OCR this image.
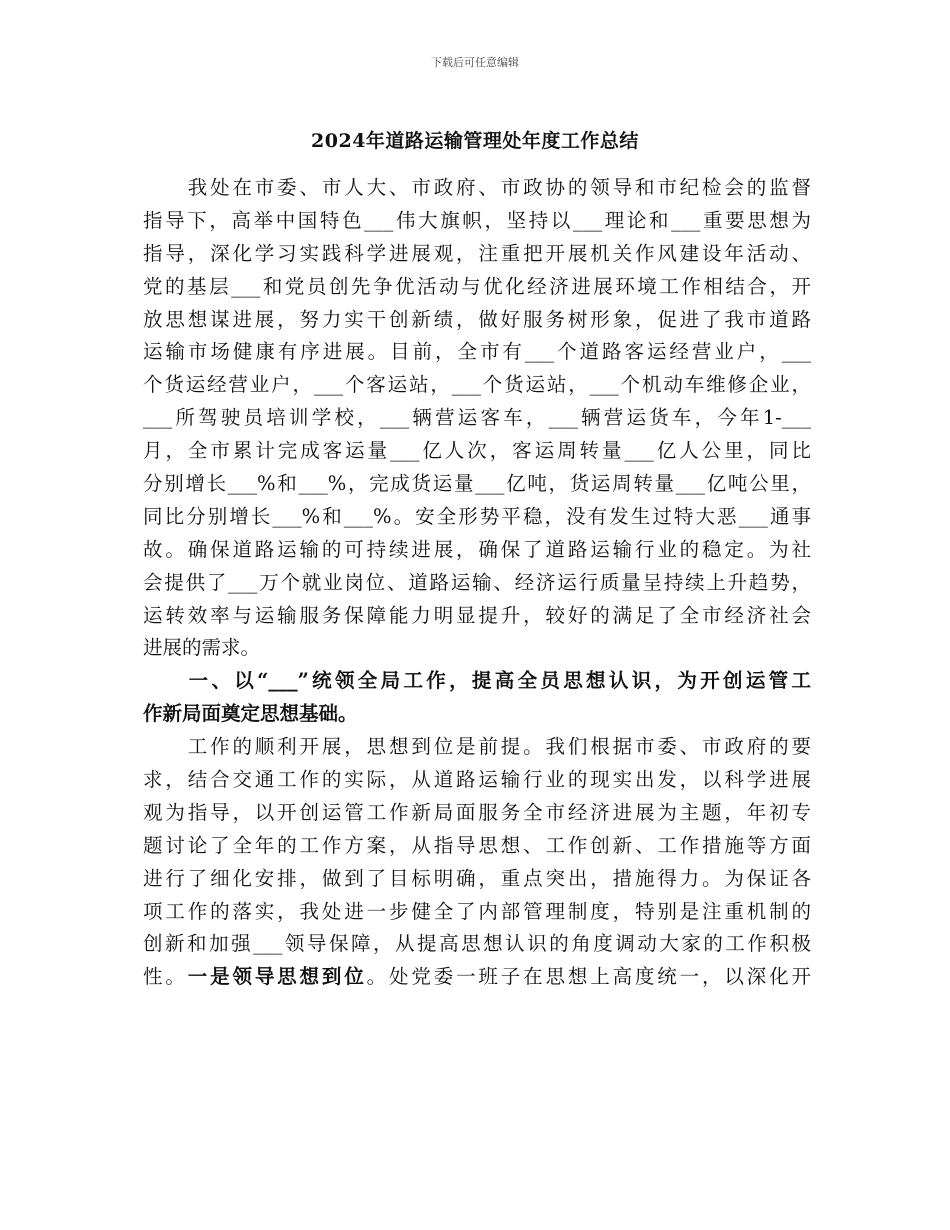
下载后可任意编辑
2024年道路运输管理处年度工作总结
　　我处在市委、市人大、市政府、市政协的领导和市纪检会的监督
指导下，高举中国特色___伟大旗帜，坚持以___理论和___重要思想为
指导，深化学习实践科学进展观，注重把开展机关作风建设年活动、
党的基层___和党员创先争优活动与优化经济进展环境工作相结合，开
放思想谋进展，努力实干创新绩，做好服务树形象，促进了我市道路
运输市场健康有序进展。目前，全市有___个道路客运经营业户，___
个货运经营业户，___个客运站，___个货运站，___个机动车维修企业，
___所驾驶员培训学校，___辆营运客车，___辆营运货车，今年1-___
月，全市累计完成客运量___亿人次，客运周转量___亿人公里，同比
分别增长___%和___%，完成货运量___亿吨，货运周转量___亿吨公里，
同比分别增长___%和___%。安全形势平稳，没有发生过特大恶___通事
故。确保道路运输的可持续进展，确保了道路运输行业的稳定。为社
会提供了___万个就业岗位、道路运输、经济运行质量呈持续上升趋势，
运转效率与运输服务保障能力明显提升，较好的满足了全市经济社会
进展的需求。
　　一、以“___”统领全局工作，提高全员思想认识，为开创运管工
作新局面奠定思想基础。
　　工作的顺利开展，思想到位是前提。我们根据市委、市政府的要
求，结合交通工作的实际，从道路运输行业的现实出发，以科学进展
观为指导，以开创运管工作新局面服务全市经济进展为主题，年初专
题讨论了全年的工作方案，从指导思想、工作创新、工作措施等方面
进行了细化安排，做到了目标明确，重点突出，措施得力。为保证各
项工作的落实，我处进一步健全了内部管理制度，特别是注重机制的
创新和加强___领导保障，从提高思想认识的角度调动大家的工作积极
性。一是领导思想到位。处党委一班子在思想上高度统一，以深化开
